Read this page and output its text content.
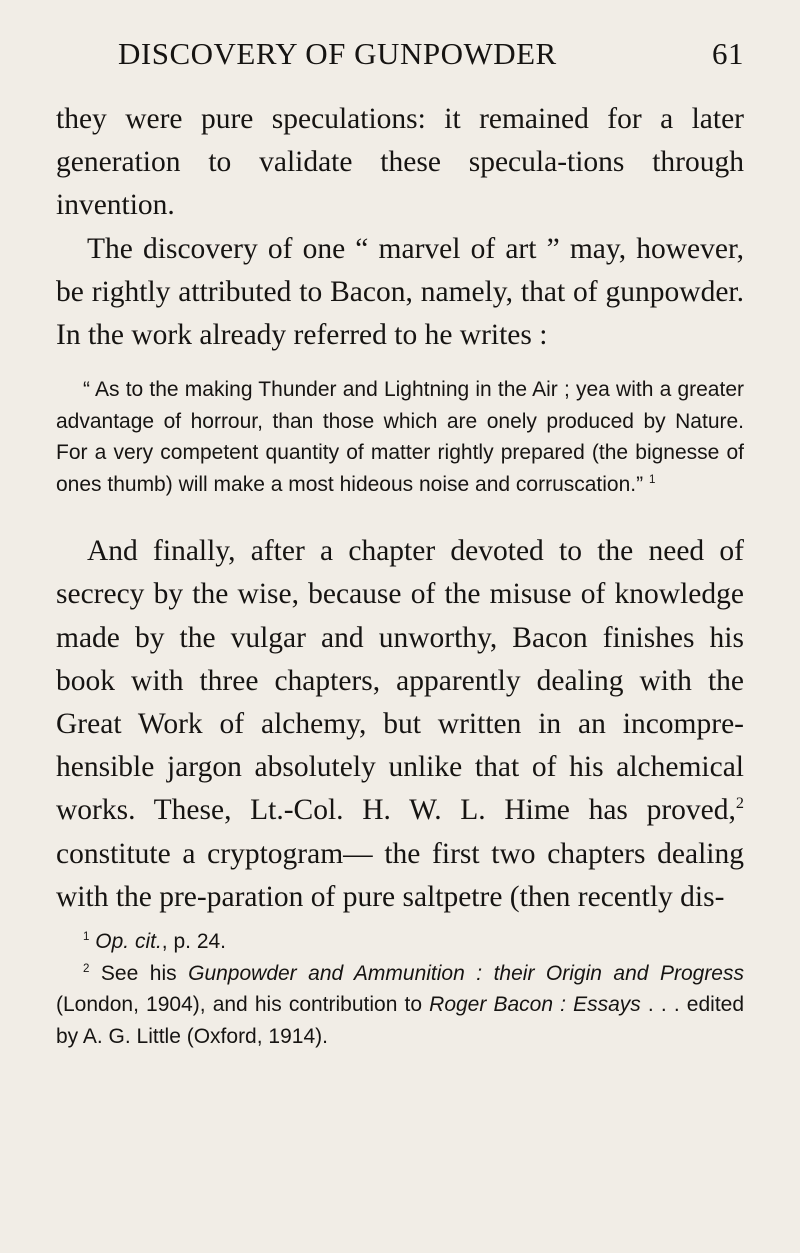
DISCOVERY OF GUNPOWDER	61

they were pure speculations: it remained for a later generation to validate these specula-tions through invention.

The discovery of one “ marvel of art ” may, however, be rightly attributed to Bacon, namely, that of gunpowder. In the work already referred to he writes :

“ As to the making Thunder and Lightning in the Air ; yea with a greater advantage of horrour, than those which are onely produced by Nature. For a very competent quantity of matter rightly prepared (the bignesse of ones thumb) will make a most hideous noise and corruscation.” $^1$

And finally, after a chapter devoted to the need of secrecy by the wise, because of the misuse of knowledge made by the vulgar and unworthy, Bacon finishes his book with three chapters, apparently dealing with the Great Work of alchemy, but written in an incompre-hensible jargon absolutely unlike that of his alchemical works. These, Lt.-Col. H. W. L. Hime has proved,$^2$ constitute a cryptogram— the first two chapters dealing with the pre-paration of pure saltpetre (then recently dis-

$^1$ Op. cit., p. 24.

$^2$ See his Gunpowder and Ammunition : their Origin and Progress (London, 1904), and his contribution to Roger Bacon : Essays . . . edited by A. G. Little (Oxford, 1914).
